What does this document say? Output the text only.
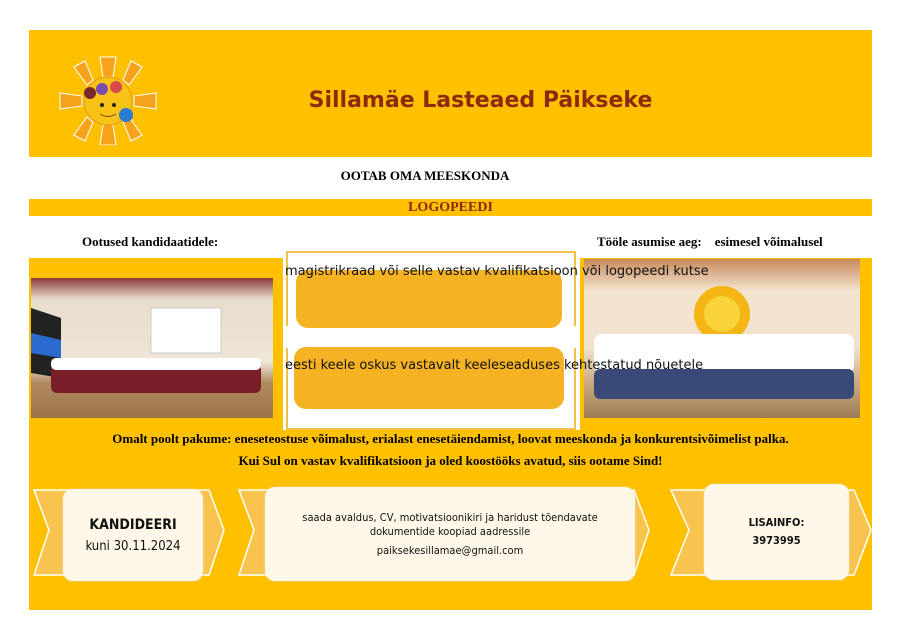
Sillamäe Lasteaed Päikseke
OOTAB OMA MEESKONDA
LOGOPEEDI
Ootused kandidaatidele:	Tööle asumise aeg: esimesel võimalusel
magistrikraad või selle vastav kvalifikatsioon või logopeedi kutse
eesti keele oskus vastavalt keeleseaduses kehtestatud nõuetele
Omalt poolt pakume: eneseteostuse võimalust, erialast enesetäiendamist, loovat meeskonda ja konkurentsivõimelist palka.
Kui Sul on vastav kvalifikatsioon ja oled koostööks avatud, siis ootame Sind!
KANDIDEERI
kuni 30.11.2024
saada avaldus, CV, motivatsioonikiri ja haridust tõendavate dokumentide koopiad aadressile
paiksekesillamae@gmail.com
LISAINFO:
3973995
